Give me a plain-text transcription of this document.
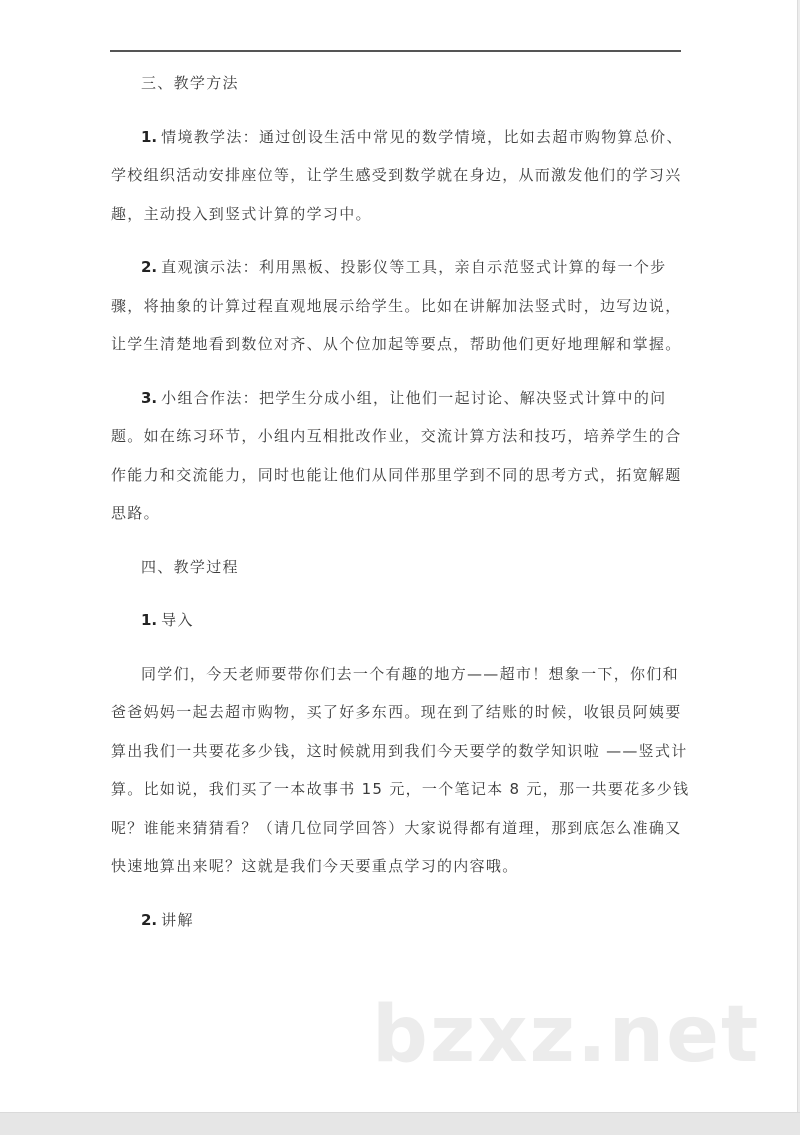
三、教学方法
1. 情境教学法：通过创设生活中常见的数学情境，比如去超市购物算总价、
学校组织活动安排座位等，让学生感受到数学就在身边，从而激发他们的学习兴
趣，主动投入到竖式计算的学习中。
2. 直观演示法：利用黑板、投影仪等工具，亲自示范竖式计算的每一个步
骤，将抽象的计算过程直观地展示给学生。比如在讲解加法竖式时，边写边说，
让学生清楚地看到数位对齐、从个位加起等要点，帮助他们更好地理解和掌握。
3. 小组合作法：把学生分成小组，让他们一起讨论、解决竖式计算中的问
题。如在练习环节，小组内互相批改作业，交流计算方法和技巧，培养学生的合
作能力和交流能力，同时也能让他们从同伴那里学到不同的思考方式，拓宽解题
思路。
四、教学过程
1. 导入
同学们，今天老师要带你们去一个有趣的地方——超市！想象一下，你们和
爸爸妈妈一起去超市购物，买了好多东西。现在到了结账的时候，收银员阿姨要
算出我们一共要花多少钱，这时候就用到我们今天要学的数学知识啦 ——竖式计
算。比如说，我们买了一本故事书 15 元，一个笔记本 8 元，那一共要花多少钱
呢？谁能来猜猜看？（请几位同学回答）大家说得都有道理，那到底怎么准确又
快速地算出来呢？这就是我们今天要重点学习的内容哦。
2. 讲解
bzxz.net
